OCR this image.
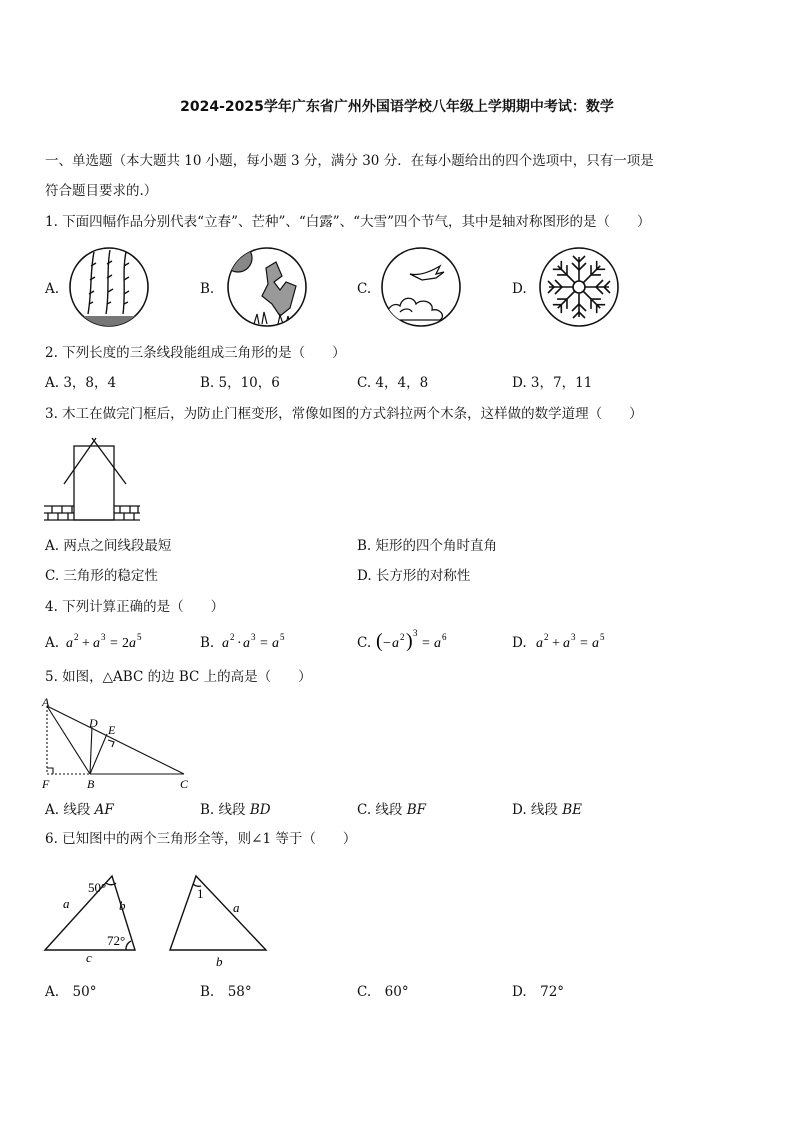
2024-2025学年广东省广州外国语学校八年级上学期期中考试：数学
一、单选题（本大题共 10 小题，每小题 3 分，满分 30 分．在每小题给出的四个选项中，只有一项是
符合题目要求的.）
1. 下面四幅作品分别代表“立春”、芒种”、“白露”、“大雪”四个节气，其中是轴对称图形的是（　　）
A.	B.	C.	D.
2. 下列长度的三条线段能组成三角形的是（　　）
A. 3，8，4	B. 5，10，6	C. 4，4，8	D. 3，7，11
3. 木工在做完门框后，为防止门框变形，常像如图的方式斜拉两个木条，这样做的数学道理（　　）
A. 两点之间线段最短	B. 矩形的四个角时直角
C. 三角形的稳定性	D. 长方形的对称性
4. 下列计算正确的是（　　）
A. a 2 + a 3 = 2 a 5	B. a 2 · a 3 = a 5	C. ( − a 2 ) 3
= a 6	D. a 2 + a 3 = a 5
5. 如图，△ABC 的边 BC 上的高是（　　）
A
D E
F	B	C
A. 线段 AF	B. 线段 BD	C. 线段 BF	D. 线段 BE
6. 已知图中的两个三角形全等，则∠1 等于（　　）
50°
a	b
72°
c
1
a
b
A.　50°	B.　58°	C.　60°	D.　72°
